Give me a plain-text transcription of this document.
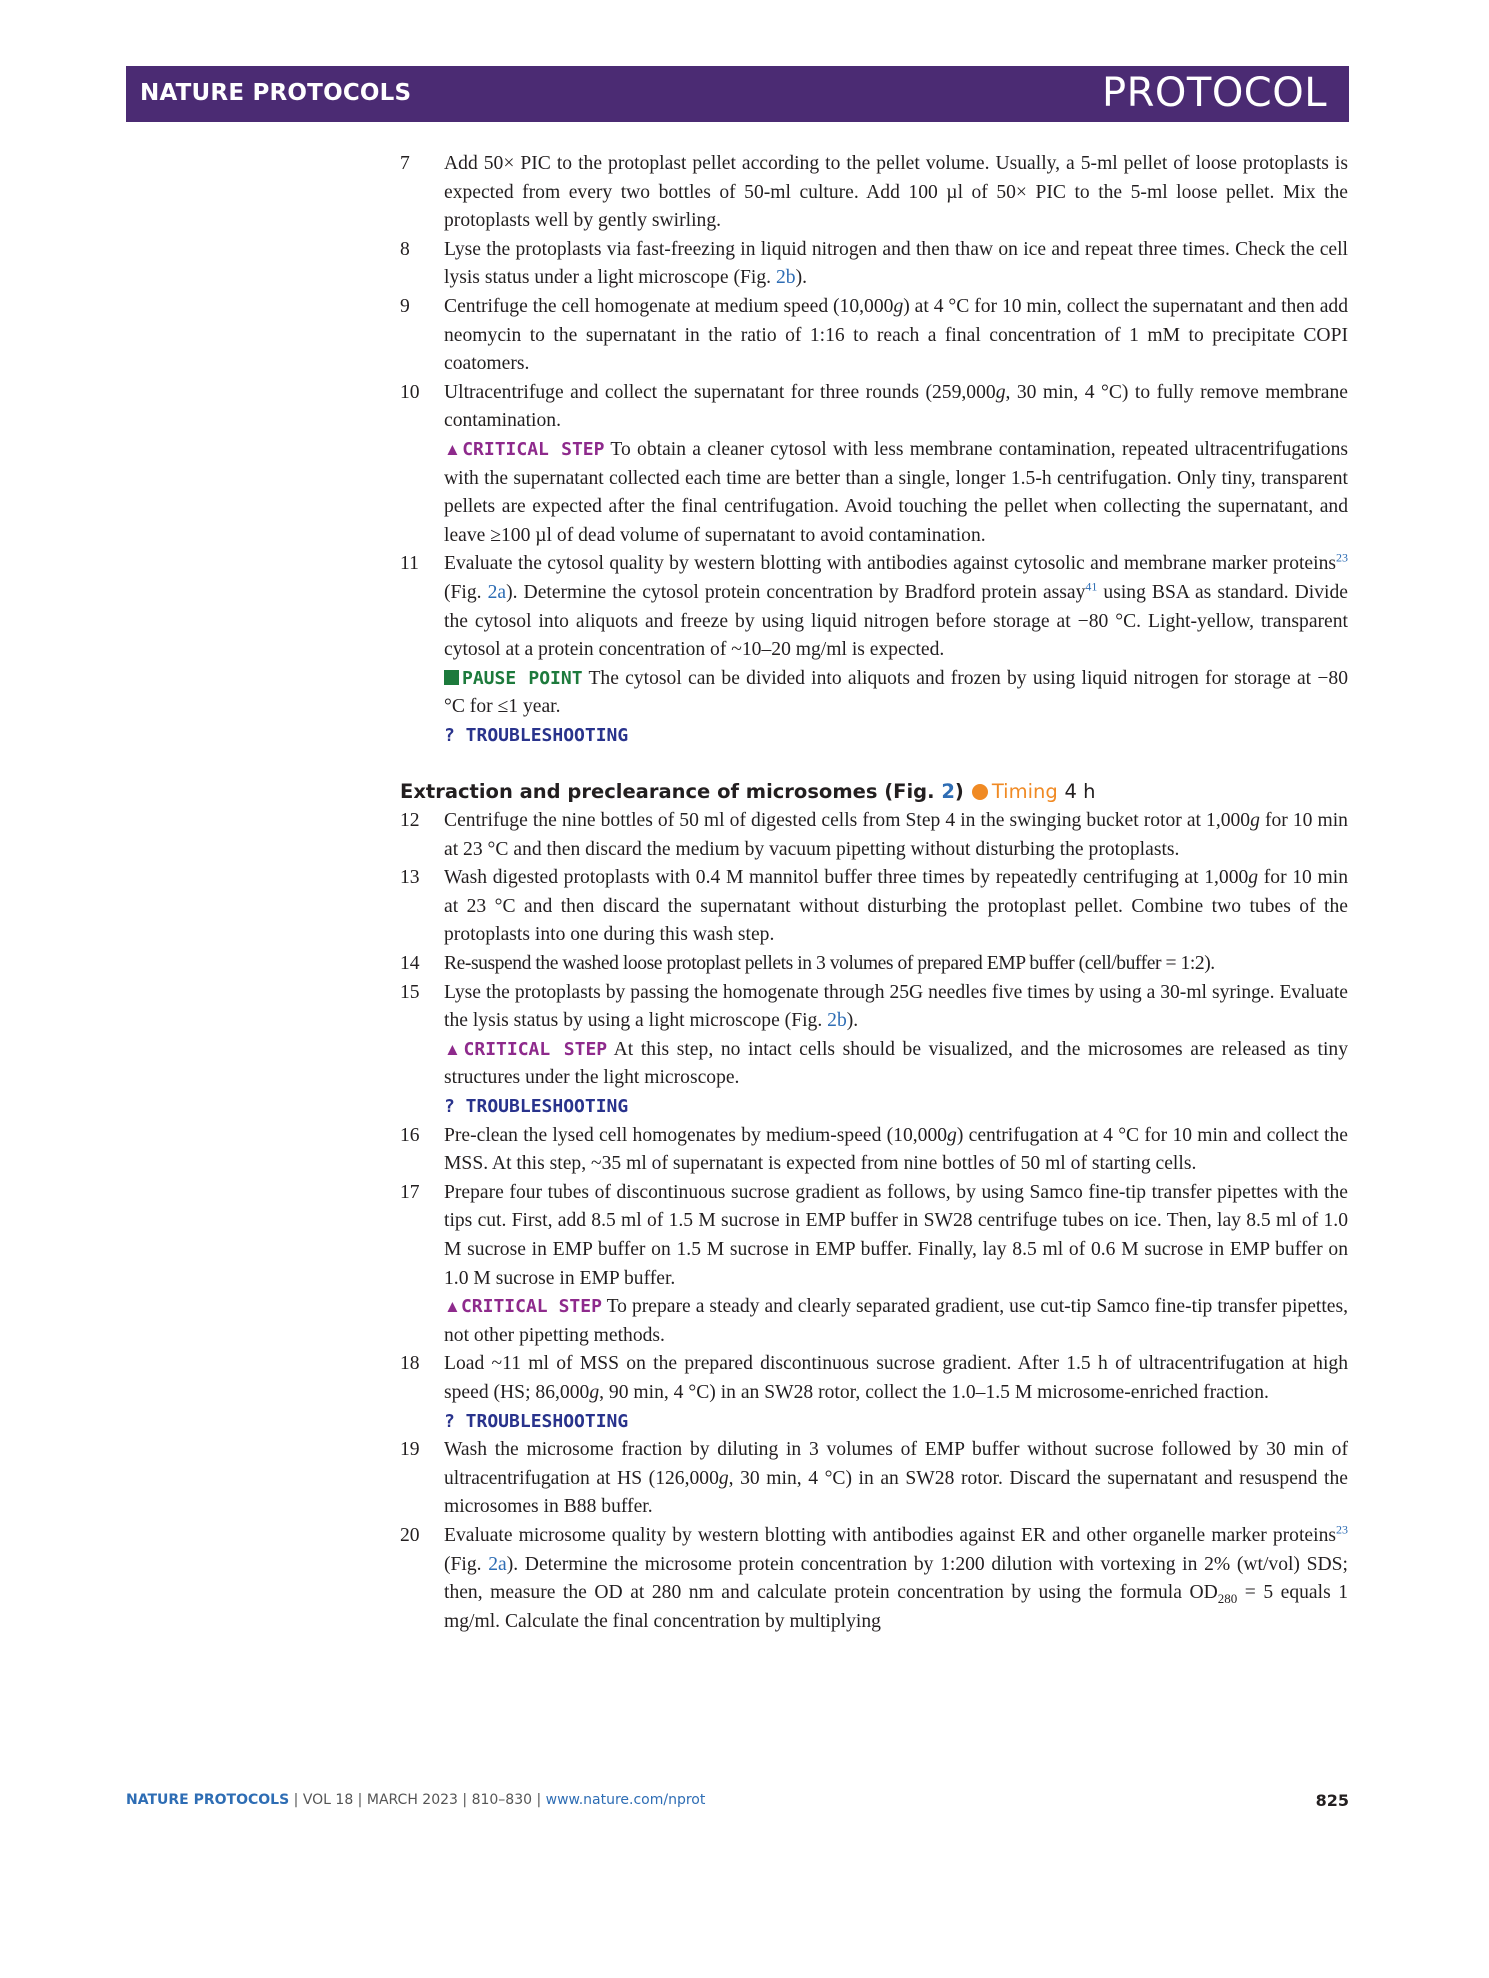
NATURE PROTOCOLS	PROTOCOL
7	Add 50× PIC to the protoplast pellet according to the pellet volume. Usually, a 5-ml pellet of loose protoplasts is expected from every two bottles of 50-ml culture. Add 100 µl of 50× PIC to the 5-ml loose pellet. Mix the protoplasts well by gently swirling.
8	Lyse the protoplasts via fast-freezing in liquid nitrogen and then thaw on ice and repeat three times. Check the cell lysis status under a light microscope (Fig. 2b).
9	Centrifuge the cell homogenate at medium speed (10,000g) at 4 °C for 10 min, collect the supernatant and then add neomycin to the supernatant in the ratio of 1:16 to reach a final concentration of 1 mM to precipitate COPI coatomers.
10	Ultracentrifuge and collect the supernatant for three rounds (259,000g, 30 min, 4 °C) to fully remove membrane contamination.
▲CRITICAL STEP To obtain a cleaner cytosol with less membrane contamination, repeated ultracentrifugations with the supernatant collected each time are better than a single, longer 1.5-h centrifugation. Only tiny, transparent pellets are expected after the final centrifugation. Avoid touching the pellet when collecting the supernatant, and leave ≥100 µl of dead volume of supernatant to avoid contamination.
11	Evaluate the cytosol quality by western blotting with antibodies against cytosolic and membrane marker proteins$^{23}$ (Fig. 2a). Determine the cytosol protein concentration by Bradford protein assay$^{41}$ using BSA as standard. Divide the cytosol into aliquots and freeze by using liquid nitrogen before storage at −80 °C. Light-yellow, transparent cytosol at a protein concentration of ~10–20 mg/ml is expected.
PAUSE POINT The cytosol can be divided into aliquots and frozen by using liquid nitrogen for storage at −80 °C for ≤1 year.
? TROUBLESHOOTING
Extraction and preclearance of microsomes (Fig. 2) Timing 4 h
12	Centrifuge the nine bottles of 50 ml of digested cells from Step 4 in the swinging bucket rotor at 1,000g for 10 min at 23 °C and then discard the medium by vacuum pipetting without disturbing the protoplasts.
13	Wash digested protoplasts with 0.4 M mannitol buffer three times by repeatedly centrifuging at 1,000g for 10 min at 23 °C and then discard the supernatant without disturbing the protoplast pellet. Combine two tubes of the protoplasts into one during this wash step.
14	Re-suspend the washed loose protoplast pellets in 3 volumes of prepared EMP buffer (cell/buffer = 1:2).
15	Lyse the protoplasts by passing the homogenate through 25G needles five times by using a 30-ml syringe. Evaluate the lysis status by using a light microscope (Fig. 2b).
▲CRITICAL STEP At this step, no intact cells should be visualized, and the microsomes are released as tiny structures under the light microscope.
? TROUBLESHOOTING
16	Pre-clean the lysed cell homogenates by medium-speed (10,000g) centrifugation at 4 °C for 10 min and collect the MSS. At this step, ~35 ml of supernatant is expected from nine bottles of 50 ml of starting cells.
17	Prepare four tubes of discontinuous sucrose gradient as follows, by using Samco fine-tip transfer pipettes with the tips cut. First, add 8.5 ml of 1.5 M sucrose in EMP buffer in SW28 centrifuge tubes on ice. Then, lay 8.5 ml of 1.0 M sucrose in EMP buffer on 1.5 M sucrose in EMP buffer. Finally, lay 8.5 ml of 0.6 M sucrose in EMP buffer on 1.0 M sucrose in EMP buffer.
▲CRITICAL STEP To prepare a steady and clearly separated gradient, use cut-tip Samco fine-tip transfer pipettes, not other pipetting methods.
18	Load ~11 ml of MSS on the prepared discontinuous sucrose gradient. After 1.5 h of ultracentrifugation at high speed (HS; 86,000g, 90 min, 4 °C) in an SW28 rotor, collect the 1.0–1.5 M microsome-enriched fraction.
? TROUBLESHOOTING
19	Wash the microsome fraction by diluting in 3 volumes of EMP buffer without sucrose followed by 30 min of ultracentrifugation at HS (126,000g, 30 min, 4 °C) in an SW28 rotor. Discard the supernatant and resuspend the microsomes in B88 buffer.
20	Evaluate microsome quality by western blotting with antibodies against ER and other organelle marker proteins$^{23}$ (Fig. 2a). Determine the microsome protein concentration by 1:200 dilution with vortexing in 2% (wt/vol) SDS; then, measure the OD at 280 nm and calculate protein concentration by using the formula $OD_{280} = 5$ equals 1 mg/ml. Calculate the final concentration by multiplying
NATURE PROTOCOLS | VOL 18 | MARCH 2023 | 810–830 | www.nature.com/nprot	825
